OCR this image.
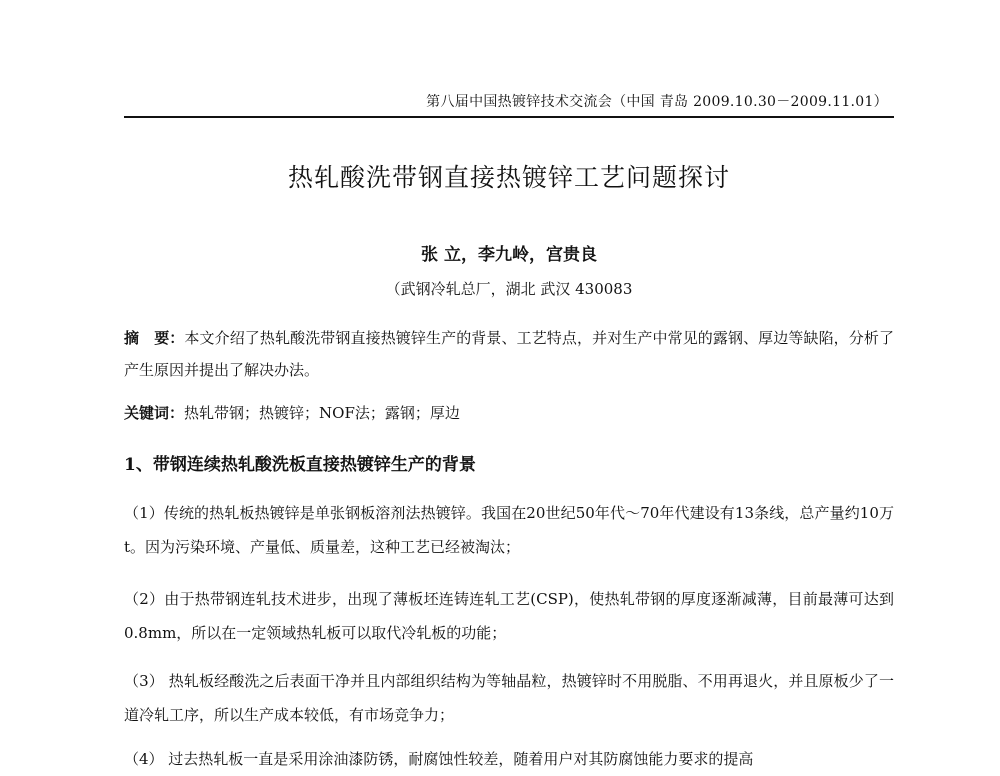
第八届中国热镀锌技术交流会（中国 青岛 2009.10.30－2009.11.01）
热轧酸洗带钢直接热镀锌工艺问题探讨
张 立，李九岭，宫贵良
（武钢冷轧总厂，湖北 武汉 430083
摘　要：本文介绍了热轧酸洗带钢直接热镀锌生产的背景、工艺特点，并对生产中常见的露钢、厚边等缺陷，分析了产生原因并提出了解决办法。
关键词：热轧带钢；热镀锌；NOF法；露钢；厚边
1、带钢连续热轧酸洗板直接热镀锌生产的背景
（1）传统的热轧板热镀锌是单张钢板溶剂法热镀锌。我国在20世纪50年代～70年代建设有13条线，总产量约10万t。因为污染环境、产量低、质量差，这种工艺已经被淘汰；
（2）由于热带钢连轧技术进步，出现了薄板坯连铸连轧工艺(CSP)，使热轧带钢的厚度逐渐减薄，目前最薄可达到0.8mm，所以在一定领域热轧板可以取代冷轧板的功能；
（3） 热轧板经酸洗之后表面干净并且内部组织结构为等轴晶粒，热镀锌时不用脱脂、不用再退火，并且原板少了一道冷轧工序，所以生产成本较低，有市场竞争力；
（4） 过去热轧板一直是采用涂油漆防锈，耐腐蚀性较差，随着用户对其防腐蚀能力要求的提高
